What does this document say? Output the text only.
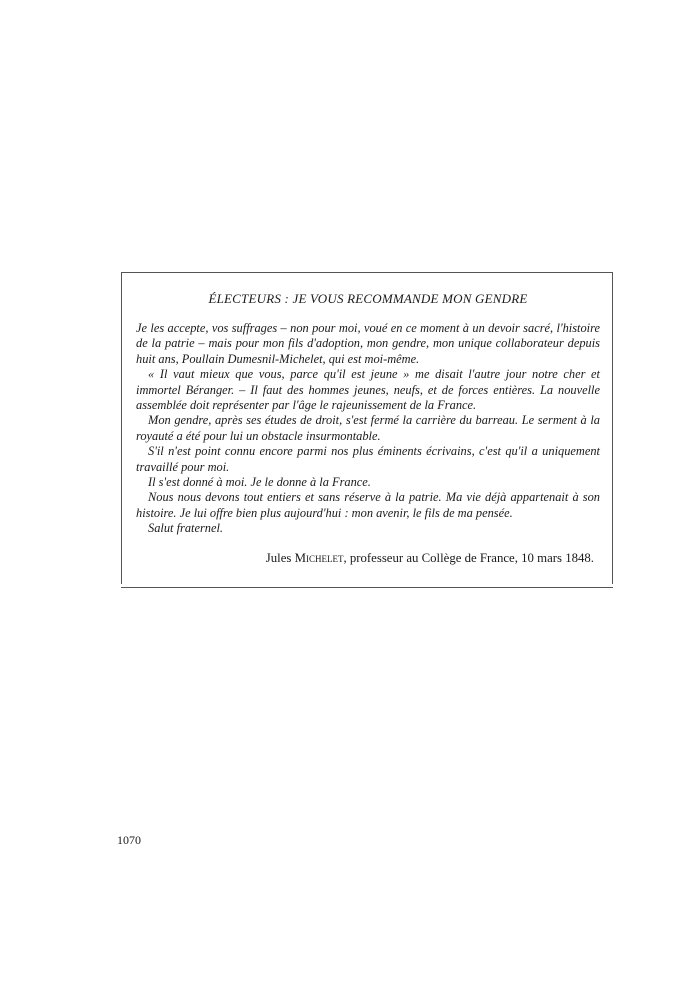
ÉLECTEURS : JE VOUS RECOMMANDE MON GENDRE

Je les accepte, vos suffrages – non pour moi, voué en ce moment à un devoir sacré, l'histoire de la patrie – mais pour mon fils d'adoption, mon gendre, mon unique collaborateur depuis huit ans, Poullain Dumesnil-Michelet, qui est moi-même.

« Il vaut mieux que vous, parce qu'il est jeune » me disait l'autre jour notre cher et immortel Béranger. – Il faut des hommes jeunes, neufs, et de forces entières. La nouvelle assemblée doit représenter par l'âge le rajeunissement de la France.

Mon gendre, après ses études de droit, s'est fermé la carrière du barreau. Le serment à la royauté a été pour lui un obstacle insurmontable.

S'il n'est point connu encore parmi nos plus éminents écrivains, c'est qu'il a uniquement travaillé pour moi.

Il s'est donné à moi. Je le donne à la France.

Nous nous devons tout entiers et sans réserve à la patrie. Ma vie déjà appartenait à son histoire. Je lui offre bien plus aujourd'hui : mon avenir, le fils de ma pensée.

Salut fraternel.

Jules Michelet, professeur au Collège de France, 10 mars 1848.
1070
